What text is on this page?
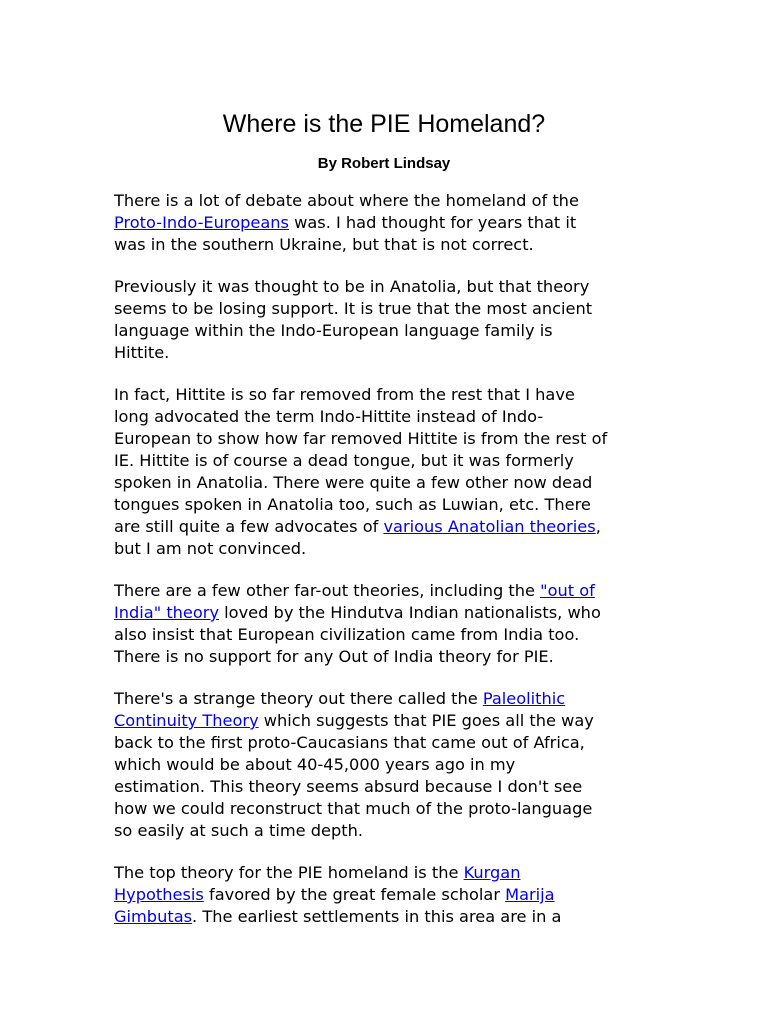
Where is the PIE Homeland?
By Robert Lindsay

There is a lot of debate about where the homeland of the
Proto-Indo-Europeans was. I had thought for years that it
was in the southern Ukraine, but that is not correct.

Previously it was thought to be in Anatolia, but that theory
seems to be losing support. It is true that the most ancient
language within the Indo-European language family is
Hittite.

In fact, Hittite is so far removed from the rest that I have
long advocated the term Indo-Hittite instead of Indo-
European to show how far removed Hittite is from the rest of
IE. Hittite is of course a dead tongue, but it was formerly
spoken in Anatolia. There were quite a few other now dead
tongues spoken in Anatolia too, such as Luwian, etc. There
are still quite a few advocates of various Anatolian theories,
but I am not convinced.

There are a few other far-out theories, including the "out of
India" theory loved by the Hindutva Indian nationalists, who
also insist that European civilization came from India too.
There is no support for any Out of India theory for PIE.

There's a strange theory out there called the Paleolithic
Continuity Theory which suggests that PIE goes all the way
back to the first proto-Caucasians that came out of Africa,
which would be about 40-45,000 years ago in my
estimation. This theory seems absurd because I don't see
how we could reconstruct that much of the proto-language
so easily at such a time depth.

The top theory for the PIE homeland is the Kurgan
Hypothesis favored by the great female scholar Marija
Gimbutas. The earliest settlements in this area are in a
